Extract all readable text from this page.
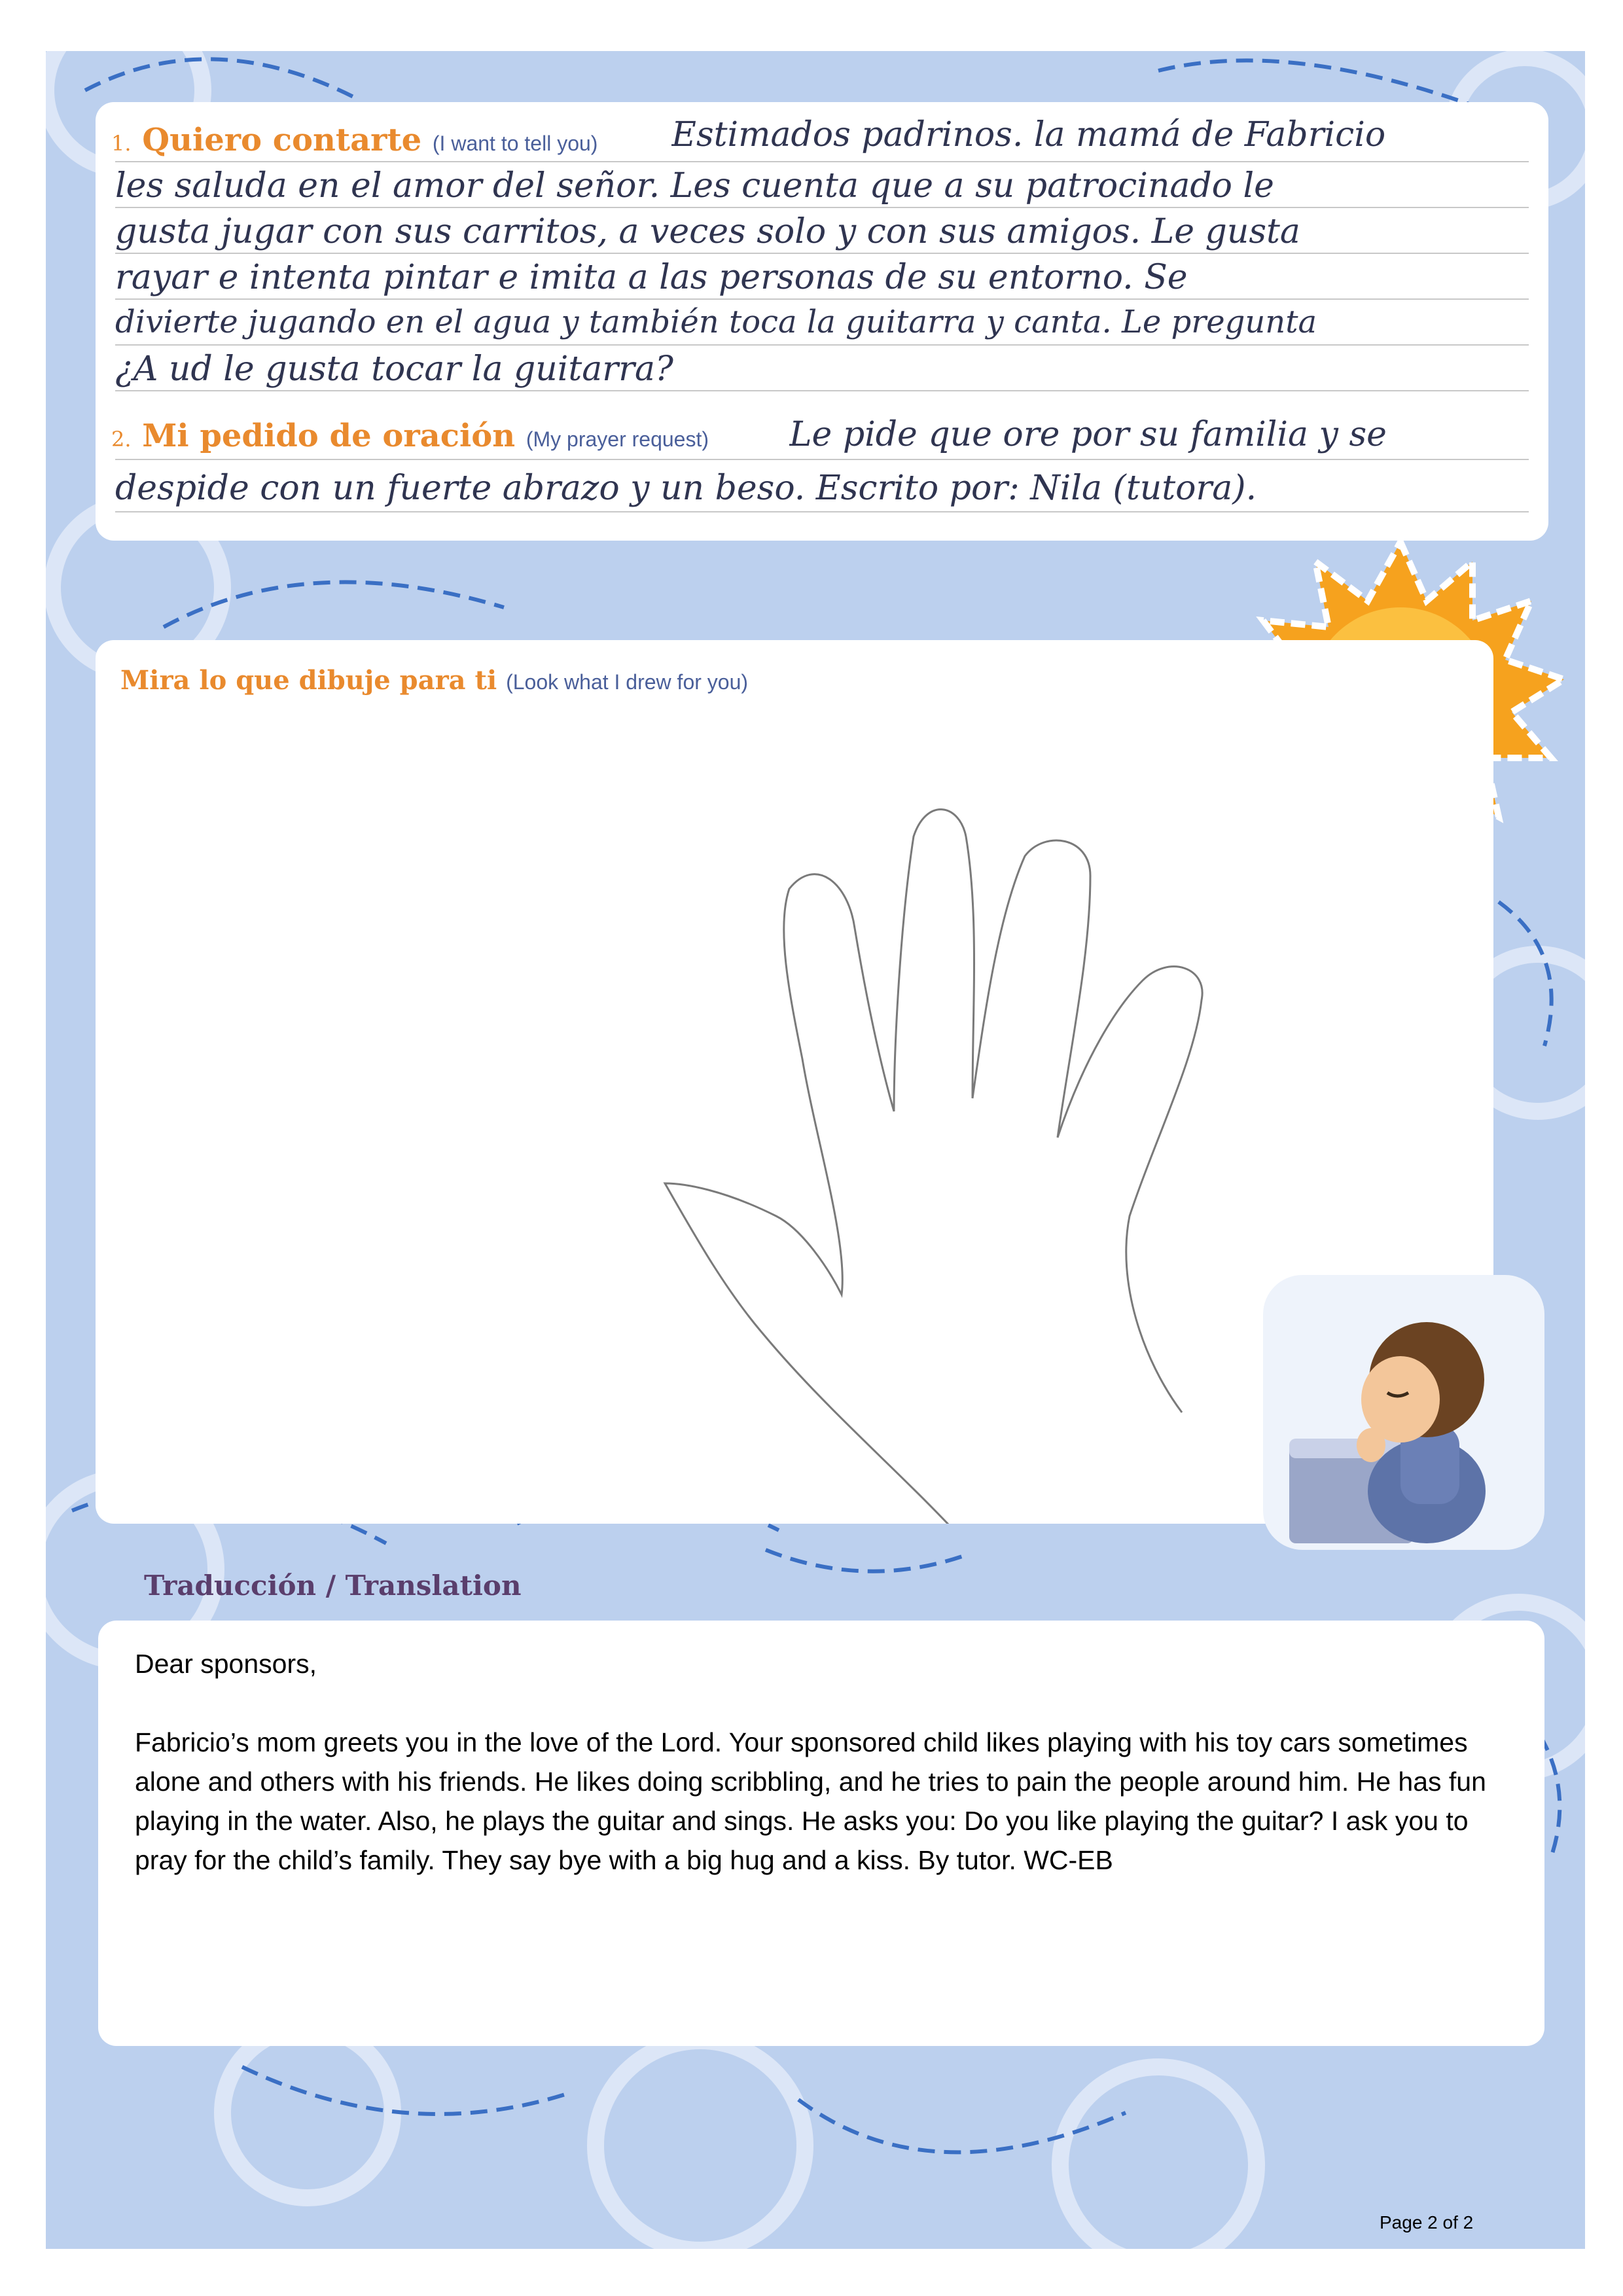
1. Quiero contarte (I want to tell you) Estimados padrinos. la mamá de Fabricio
les saluda en el amor del señor. Les cuenta que a su patrocinado le
gusta jugar con sus carritos, a veces solo y con sus amigos. Le gusta
rayar e intenta pintar e imita a las personas de su entorno. Se
divierte jugando en el agua y también toca la guitarra y canta. Le pregunta
¿A ud le gusta tocar la guitarra?
2. Mi pedido de oración (My prayer request) Le pide que ore por su familia y se
despide con un fuerte abrazo y un beso. Escrito por: Nila (tutora).
Mira lo que dibuje para ti (Look what I drew for you)
Traducción / Translation
Dear sponsors,
Fabricio’s mom greets you in the love of the Lord. Your sponsored child likes playing with his toy cars sometimes alone and others with his friends. He likes doing scribbling, and he tries to pain the people around him. He has fun playing in the water. Also, he plays the guitar and sings. He asks you: Do you like playing the guitar? I ask you to pray for the child’s family. They say bye with a big hug and a kiss. By tutor. WC-EB
Page 2 of 2
